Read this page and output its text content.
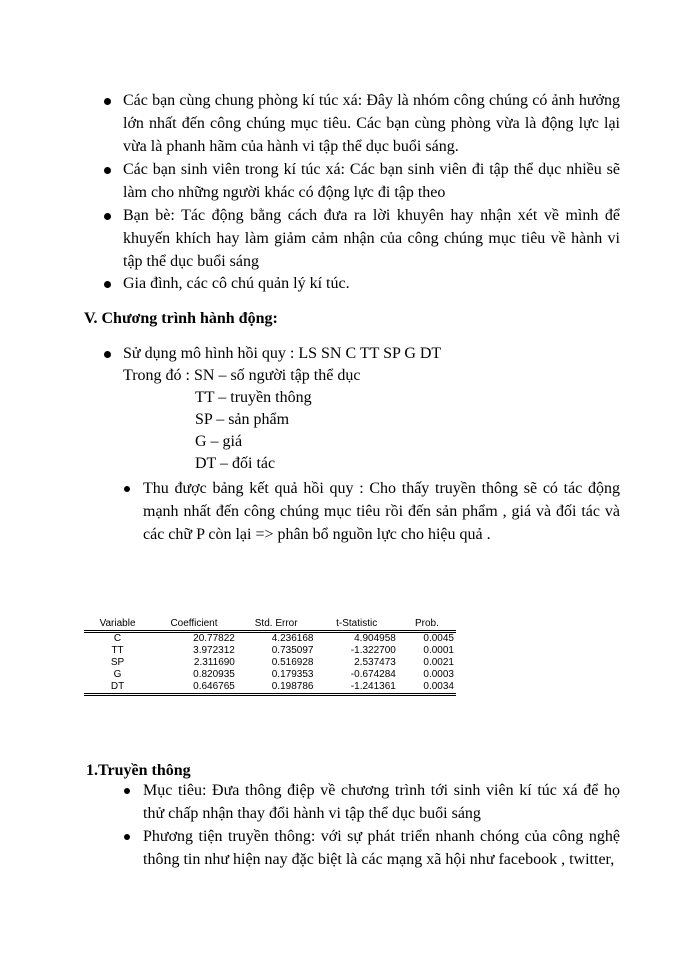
Các bạn cùng chung phòng kí túc xá: Đây là nhóm công chúng có ảnh hưởng lớn nhất đến công chúng mục tiêu. Các bạn cùng phòng vừa là động lực lại vừa là phanh hãm của hành vi tập thể dục buổi sáng.
Các bạn sinh viên trong kí túc xá: Các bạn sinh viên đi tập thể dục nhiều sẽ làm cho những người khác có động lực đi tập theo
Bạn bè: Tác động bằng cách đưa ra lời khuyên hay nhận xét về mình để khuyến khích hay làm giảm cảm nhận của công chúng mục tiêu về hành vi tập thể dục buổi sáng
Gia đình, các cô chú quản lý kí túc.
V. Chương trình hành động:
Sử dụng mô hình hồi quy : LS SN C TT SP G DT
Trong đó : SN – số người tập thể dục
TT – truyền thông
SP – sản phẩm
G – giá
DT – đối tác
Thu được bảng kết quả hồi quy : Cho thấy truyền thông sẽ có tác động mạnh nhất đến công chúng mục tiêu rồi đến sản phẩm , giá và đối tác và các chữ P còn lại => phân bổ nguồn lực cho hiệu quả .
Variable	Coefficient	Std. Error	t-Statistic	Prob.
C	20.77822	4.236168	4.904958	0.0045
TT	3.972312	0.735097	-1.322700	0.0001
SP	2.311690	0.516928	2.537473	0.0021
G	0.820935	0.179353	-0.674284	0.0003
DT	0.646765	0.198786	-1.241361	0.0034
1.Truyền thông
Mục tiêu: Đưa thông điệp về chương trình tới sinh viên kí túc xá để họ thử chấp nhận thay đổi hành vi tập thể dục buổi sáng
Phương tiện truyền thông: với sự phát triển nhanh chóng của công nghệ thông tin như hiện nay đặc biệt là các mạng xã hội như facebook , twitter,
